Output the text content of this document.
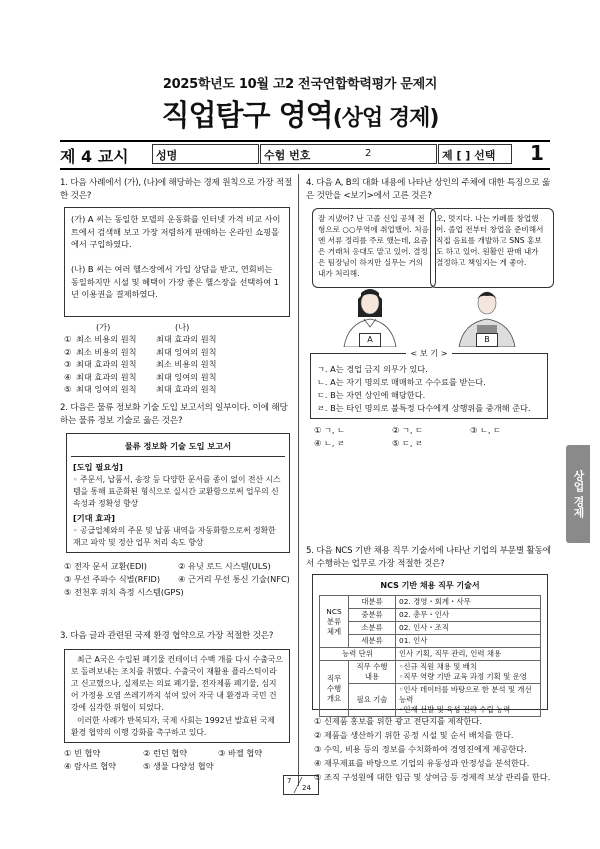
2025학년도 10월 고2 전국연합학력평가 문제지
직업탐구 영역(상업 경제)
제 4 교시 성명	수험 번호	2	제 [ ] 선택 1
상업 경제
1. 다음 사례에서 (가), (나)에 해당하는 경제 원칙으로 가장 적절한 것은?
(가) A 씨는 동일한 모델의 운동화를 인터넷 가격 비교 사이트에서 검색해 보고 가장 저렴하게 판매하는 온라인 쇼핑몰에서 구입하였다.
(나) B 씨는 여러 헬스장에서 가입 상담을 받고, 연회비는 동일하지만 시설 및 혜택이 가장 좋은 헬스장을 선택하여 1년 이용권을 결제하였다.
(가)	(나)
① 최소 비용의 원칙 최대 효과의 원칙
② 최소 비용의 원칙 최대 잉여의 원칙
③ 최대 효과의 원칙 최소 비용의 원칙
④ 최대 효과의 원칙 최대 잉여의 원칙
⑤ 최대 잉여의 원칙 최대 효과의 원칙
2. 다음은 물류 정보화 기술 도입 보고서의 일부이다. 이에 해당하는 물류 정보 기술로 옳은 것은?
물류 정보화 기술 도입 보고서
[도입 필요성]
◦ 주문서, 납품서, 송장 등 다양한 문서를 종이 없이 전산 시스템을 통해 표준화된 형식으로 실시간 교환함으로써 업무의 신속성과 정확성 향상
[기대 효과]
◦ 공급업체와의 주문 및 납품 내역을 자동화함으로써 정확한 재고 파악 및 정산 업무 처리 속도 향상
① 전자 문서 교환(EDI)	② 유닛 로드 시스템(ULS)
③ 무선 주파수 식별(RFID) ④ 근거리 무선 통신 기술(NFC)
⑤ 전천후 위치 측정 시스템(GPS)
3. 다음 글과 관련된 국제 환경 협약으로 가장 적절한 것은?
최근 A국은 수입된 폐기물 컨테이너 수백 개를 다시 수출국으로 돌려보내는 조치를 취했다. 수출국이 재활용 플라스틱이라고 신고했으나, 실제로는 의료 폐기물, 전자제품 폐기물, 심지어 가정용 오염 쓰레기까지 섞여 있어 자국 내 환경과 국민 건강에 심각한 위협이 되었다.
이러한 사례가 반복되자, 국제 사회는 1992년 발효된 국제 환경 협약의 이행 강화를 촉구하고 있다.
① 빈 협약	② 런던 협약	③ 바젤 협약
④ 람사르 협약	⑤ 생물 다양성 협약
4. 다음 A, B의 대화 내용에 나타난 상인의 주체에 대한 특징으로 옳은 것만을 <보기>에서 고른 것은?
잘 지냈어? 난 고졸 신입 공채 전형으로 ○○무역에 취업했어. 처음엔 서류 정리를 주로 했는데, 요즘은 거래처 응대도 맡고 있어. 결정은 팀장님이 하지만 실무는 거의 내가 처리해.
오, 멋지다. 나는 카페를 창업했어. 졸업 전부터 창업을 준비해서 직접 음료를 개발하고 SNS 홍보도 하고 있어. 원활인 판매 내가 결정하고 책임지는 게 좋아.
A	B
< 보 기 >
ㄱ. A는 경업 금지 의무가 있다.
ㄴ. A는 자기 명의로 매매하고 수수료를 받는다.
ㄷ. B는 자연 상인에 해당한다.
ㄹ. B는 타인 명의로 불특정 다수에게 상행위를 중개해 준다.
① ㄱ, ㄴ	② ㄱ, ㄷ	③ ㄴ, ㄷ
④ ㄴ, ㄹ	⑤ ㄷ, ㄹ
5. 다음 NCS 기반 채용 직무 기술서에 나타난 기업의 부문별 활동에서 수행하는 업무로 가장 적절한 것은?
NCS 기반 채용 직무 기술서
NCS 분류 체계	대분류	02. 경영・회계・사무
	중분류	02. 총무・인사
	소분류	02. 인사・조직
	세분류	01. 인사
능력 단위		인사 기획, 직무 관리, 인력 채용
직무 수행 개요	직무 수행 내용	◦신규 직원 채용 및 배치
◦직무 역량 기반 교육 과정 기획 및 운영

	필요 기술	◦인사 데이터를 바탕으로 한 분석 및 개선 능력
◦인재 선발 및 육성 전략 수립 능력
① 신제품 홍보를 위한 광고 전단지를 제작한다.
② 제품을 생산하기 위한 공정 시설 및 순서 배치를 한다.
③ 수익, 비용 등의 정보를 수치화하여 경영진에게 제공한다.
④ 재무제표를 바탕으로 기업의 유동성과 안정성을 분석한다.
⑤ 조직 구성원에 대한 임금 및 상여금 등 경제적 보상 관리를 한다.
7
24
